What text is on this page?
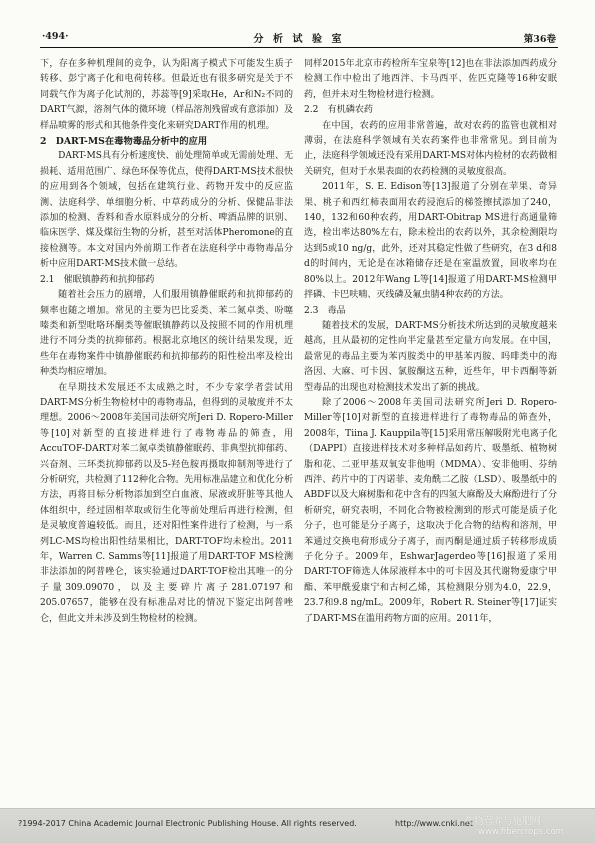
·494·	分 析 试 验 室	第36卷

下，存在多种机理间的竞争，认为阳离子模式下可能发生质子转移、彭宁离子化和电荷转移。但最近也有很多研究是关于不同载气作为离子化试剂的，苏蕊等[9]采取He，Ar和N₂不同的DART气源，溶剂气体的微环境（样品溶剂残留或有意添加）及样品喷雾的形式和其他条件变化来研究DART作用的机理。

2　DART-MS在毒物毒品分析中的应用

DART-MS具有分析速度快、前处理简单或无需前处理、无损耗、适用范围广、绿色环保等优点，使得DART-MS技术很快的应用到各个领域，包括在建筑行业、药物开发中的反应监测、法庭科学、单细胞分析、中草药成分的分析、保健品非法添加的检测、香料和香水原料成分的分析、啤酒品牌的识别、临床医学、煤及煤衍生物的分析，甚至对活体Pheromone的直接检测等。本文对国内外前期工作者在法庭科学中毒物毒品分析中应用DART-MS技术做一总结。

2.1　催眠镇静药和抗抑郁药

随着社会压力的剧增，人们服用镇静催眠药和抗抑郁药的频率也随之增加。常见的主要为巴比妥类、苯二氮卓类、吩噻嗪类和新型吡咯环酮类等催眠镇静药以及按照不同的作用机理进行不同分类的抗抑郁药。根据北京地区的统计结果发现，近些年在毒物案件中镇静催眠药和抗抑郁药的阳性检出率及检出种类均相应增加。

在早期技术发展还不太成熟之时，不少专家学者尝试用DART-MS分析生物检材中的毒物毒品，但得到的灵敏度并不太理想。2006～2008年美国司法研究所Jeri D. Ropero-Miller等[10]对新型的直接进样进行了毒物毒品的筛查，用AccuTOF-DART对苯二氮卓类镇静催眠药、非典型抗抑郁药、兴奋剂、三环类抗抑郁药以及5-羟色胺再摄取抑制剂等进行了分析研究，共检测了112种化合物。先用标准品建立和优化分析方法，再将目标分析物添加到空白血液、尿液或肝脏等其他人体组织中，经过固相萃取或衍生化等前处理后再进行检测，但是灵敏度普遍较低。而且，还对阳性案件进行了检测，与一系列LC-MS均检出阳性结果相比，DART-TOF均未检出。2011年，Warren C. Samms等[11]报道了用DART-TOF MS检测非法添加的阿普唑仑，该实验通过DART-TOF检出其唯一的分子量309.09070，以及主要碎片离子281.07197和205.07657，能够在没有标准品对比的情况下鉴定出阿普唑仑，但此文并未涉及到生物检材的检测。

同样2015年北京市药检所车宝泉等[12]也在非法添加西药成分检测工作中检出了地西泮、卡马西平、佐匹克隆等16种安眠药，但并未对生物检材进行检测。

2.2　有机磷农药

在中国，农药的应用非常普遍，故对农药的监管也就相对薄弱，在法庭科学领域有关农药案件也非常常见。到目前为止，法庭科学领域还没有采用DART-MS对体内检材的农药做相关研究，但对于水果表面的农药检测的灵敏度很高。

2011年，S. E. Edison等[13]报道了分别在苹果、奇异果、桃子和西红柿表面用农药浸泡后的梯签擦拭添加了240，140，132和60种农药，用DART-Obitrap MS进行高通量筛选，检出率达80%左右，除未检出的农药以外，其余检测限均达到5或10 ng/g，此外，还对其稳定性做了些研究，在3 d和8 d的时间内，无论是在冰箱储存还是在室温放置，回收率均在80%以上。2012年Wang L等[14]报道了用DART-MS检测甲拌磷、卡巴呋喃、灭线磷及氟虫腈4种农药的方法。

2.3　毒品

随着技术的发展，DART-MS分析技术所达到的灵敏度越来越高，且从最初的定性向半定量甚至定量方向发展。在中国，最常见的毒品主要为苯丙胺类中的甲基苯丙胺、吗啡类中的海洛因、大麻、可卡因、氯胺酮这五种，近些年，甲卡西酮等新型毒品的出现也对检测技术发出了新的挑战。

除了2006～2008年美国司法研究所Jeri D. Ropero-Miller等[10]对新型的直接进样进行了毒物毒品的筛查外，2008年，Tiina J. Kauppila等[15]采用常压解吸附光电离子化（DAPPI）直接进样技术对多种样品如药片、吸墨纸、植物树脂和花、二亚甲基双氧安非他明（MDMA）、安非他明、芬纳西泮、药片中的丁丙诺菲、麦角酰二乙胺（LSD）、吸墨纸中的ABDF以及大麻树脂和花中含有的四氢大麻酚及大麻酚进行了分析研究，研究表明，不同化合物被检测到的形式可能是质子化分子，也可能是分子离子，这取决于化合物的结构和溶剂，甲苯通过交换电荷形成分子离子，而丙酮是通过质子转移形成质子化分子。2009年，EshwarJagerdeo等[16]报道了采用DART-TOF筛选人体尿液样本中的可卡因及其代谢物爱康宁甲酯、苯甲酰爱康宁和古柯乙烯，其检测限分别为4.0，22.9，23.7和9.8 ng/mL。2009年，Robert R. Steiner等[17]证实了DART-MS在滥用药物方面的应用。2011年，

?1994-2017 China Academic Journal Electronic Publishing House. All rights reserved.	http://www.cnki.net
作物营养与施肥网
www.fibercrops.com
